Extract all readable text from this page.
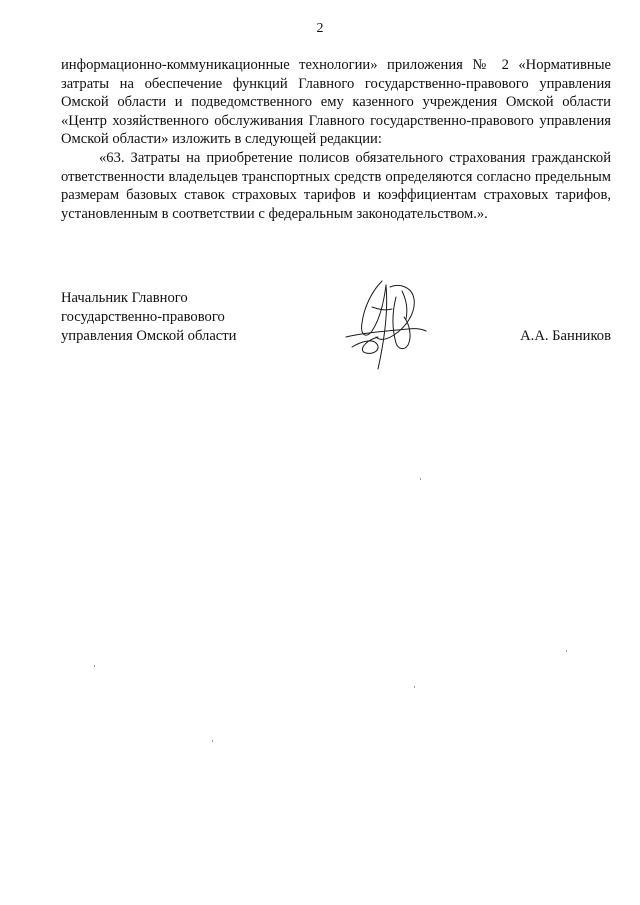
2

информационно-коммуникационные технологии» приложения № 2 «Нормативные затраты на обеспечение функций Главного государственно-правового управления Омской области и подведомственного ему казенного учреждения Омской области «Центр хозяйственного обслуживания Главного государственно-правового управления Омской области» изложить в следующей редакции:

«63. Затраты на приобретение полисов обязательного страхования гражданской ответственности владельцев транспортных средств определяются согласно предельным размерам базовых ставок страховых тарифов и коэффициентам страховых тарифов, установленным в соответствии с федеральным законодательством.».

Начальник Главного
государственно-правового
управления Омской области	А.А. Банников
